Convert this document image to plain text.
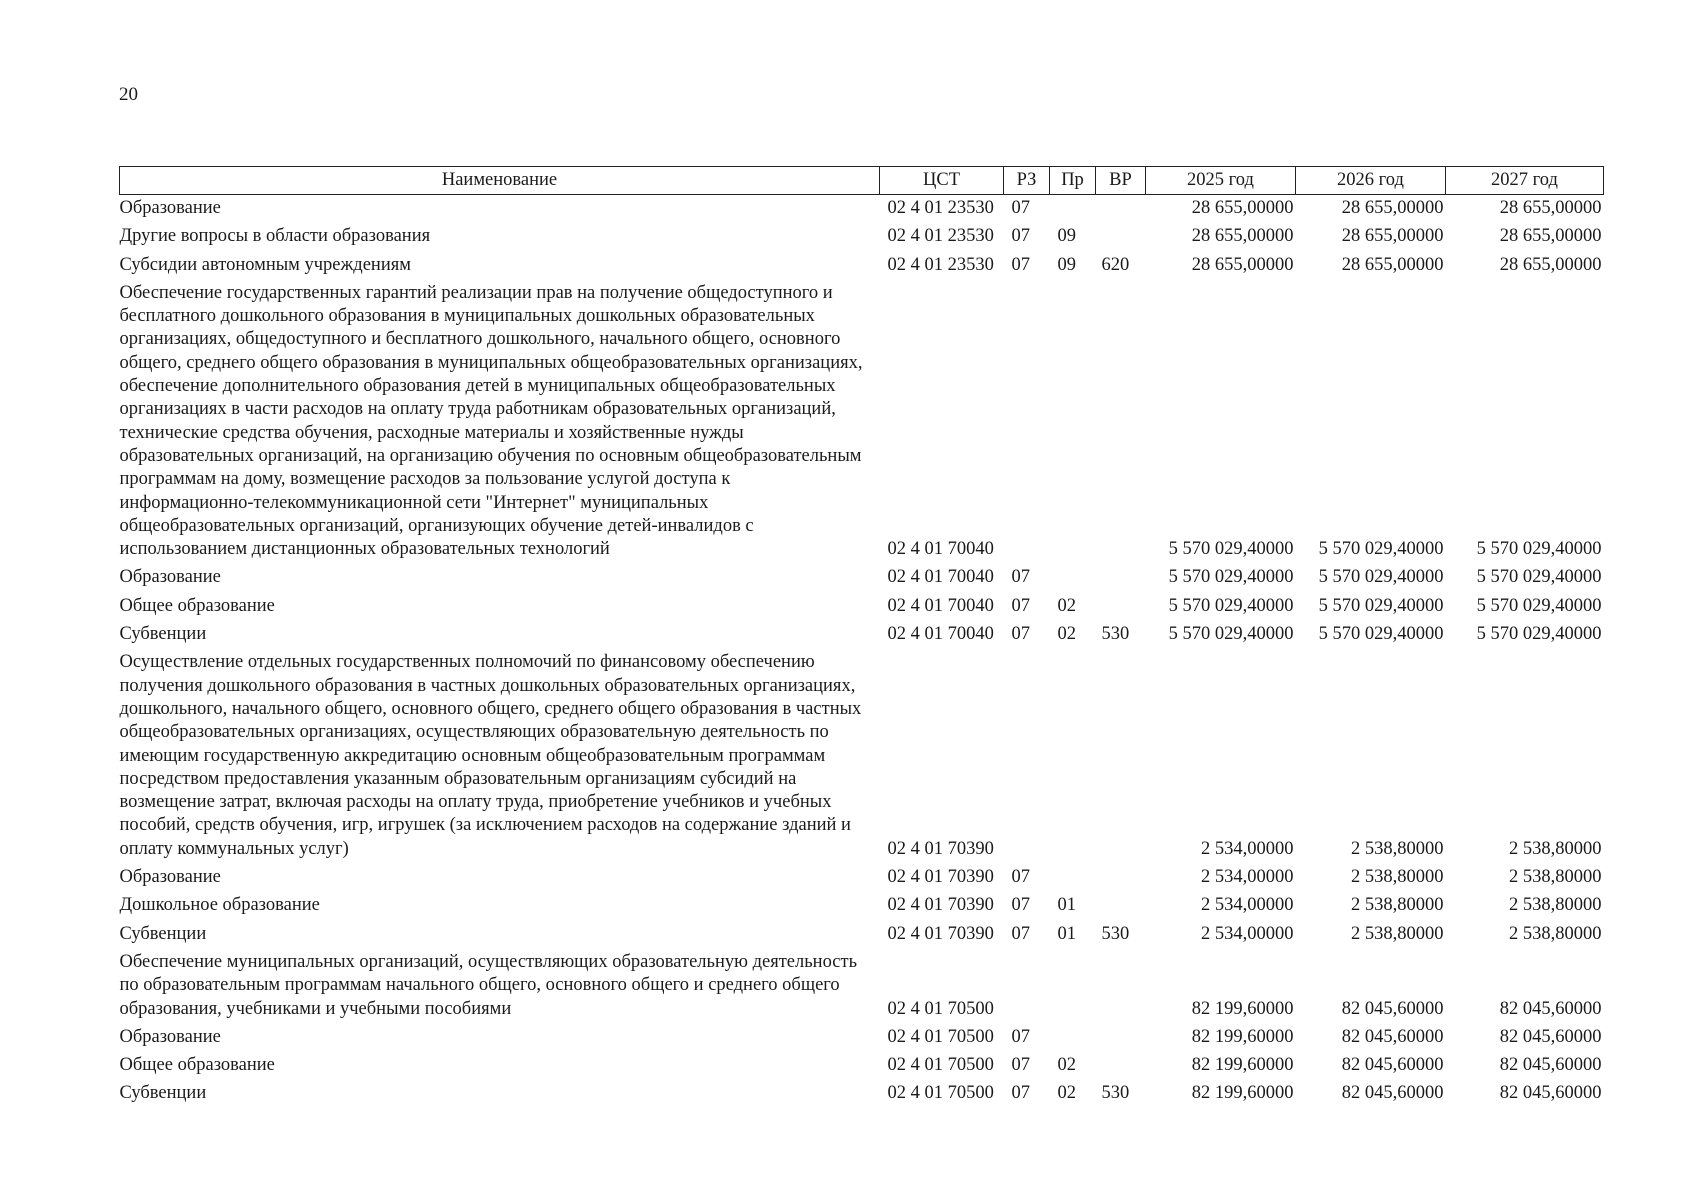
20
Наименование	ЦСТ	РЗ	Пр	ВР	2025 год	2026 год	2027 год
Образование	02 4 01 23530	07			28 655,00000	28 655,00000	28 655,00000
Другие вопросы в области образования	02 4 01 23530	07	09		28 655,00000	28 655,00000	28 655,00000
Субсидии автономным учреждениям	02 4 01 23530	07	09	620	28 655,00000	28 655,00000	28 655,00000
Обеспечение государственных гарантий реализации прав на получение общедоступного и бесплатного дошкольного образования в муниципальных дошкольных образовательных организациях, общедоступного и бесплатного дошкольного, начального общего, основного общего, среднего общего образования в муниципальных общеобразовательных организациях, обеспечение дополнительного образования детей в муниципальных общеобразовательных организациях в части расходов на оплату труда работникам образовательных организаций, технические средства обучения, расходные материалы и хозяйственные нужды образовательных организаций, на организацию обучения по основным общеобразовательным программам на дому, возмещение расходов за пользование услугой доступа к информационно-телекоммуникационной сети "Интернет" муниципальных общеобразовательных организаций, организующих обучение детей-инвалидов с использованием дистанционных образовательных технологий	02 4 01 70040				5 570 029,40000	5 570 029,40000	5 570 029,40000
Образование	02 4 01 70040	07			5 570 029,40000	5 570 029,40000	5 570 029,40000
Общее образование	02 4 01 70040	07	02		5 570 029,40000	5 570 029,40000	5 570 029,40000
Субвенции	02 4 01 70040	07	02	530	5 570 029,40000	5 570 029,40000	5 570 029,40000
Осуществление отдельных государственных полномочий по финансовому обеспечению получения дошкольного образования в частных дошкольных образовательных организациях, дошкольного, начального общего, основного общего, среднего общего образования в частных общеобразовательных организациях, осуществляющих образовательную деятельность по имеющим государственную аккредитацию основным общеобразовательным программам посредством предоставления указанным образовательным организациям субсидий на возмещение затрат, включая расходы на оплату труда, приобретение учебников и учебных пособий, средств обучения, игр, игрушек (за исключением расходов на содержание зданий и оплату коммунальных услуг)	02 4 01 70390				2 534,00000	2 538,80000	2 538,80000
Образование	02 4 01 70390	07			2 534,00000	2 538,80000	2 538,80000
Дошкольное образование	02 4 01 70390	07	01		2 534,00000	2 538,80000	2 538,80000
Субвенции	02 4 01 70390	07	01	530	2 534,00000	2 538,80000	2 538,80000
Обеспечение муниципальных организаций, осуществляющих образовательную деятельность по образовательным программам начального общего, основного общего и среднего общего образования, учебниками и учебными пособиями	02 4 01 70500				82 199,60000	82 045,60000	82 045,60000
Образование	02 4 01 70500	07			82 199,60000	82 045,60000	82 045,60000
Общее образование	02 4 01 70500	07	02		82 199,60000	82 045,60000	82 045,60000
Субвенции	02 4 01 70500	07	02	530	82 199,60000	82 045,60000	82 045,60000
